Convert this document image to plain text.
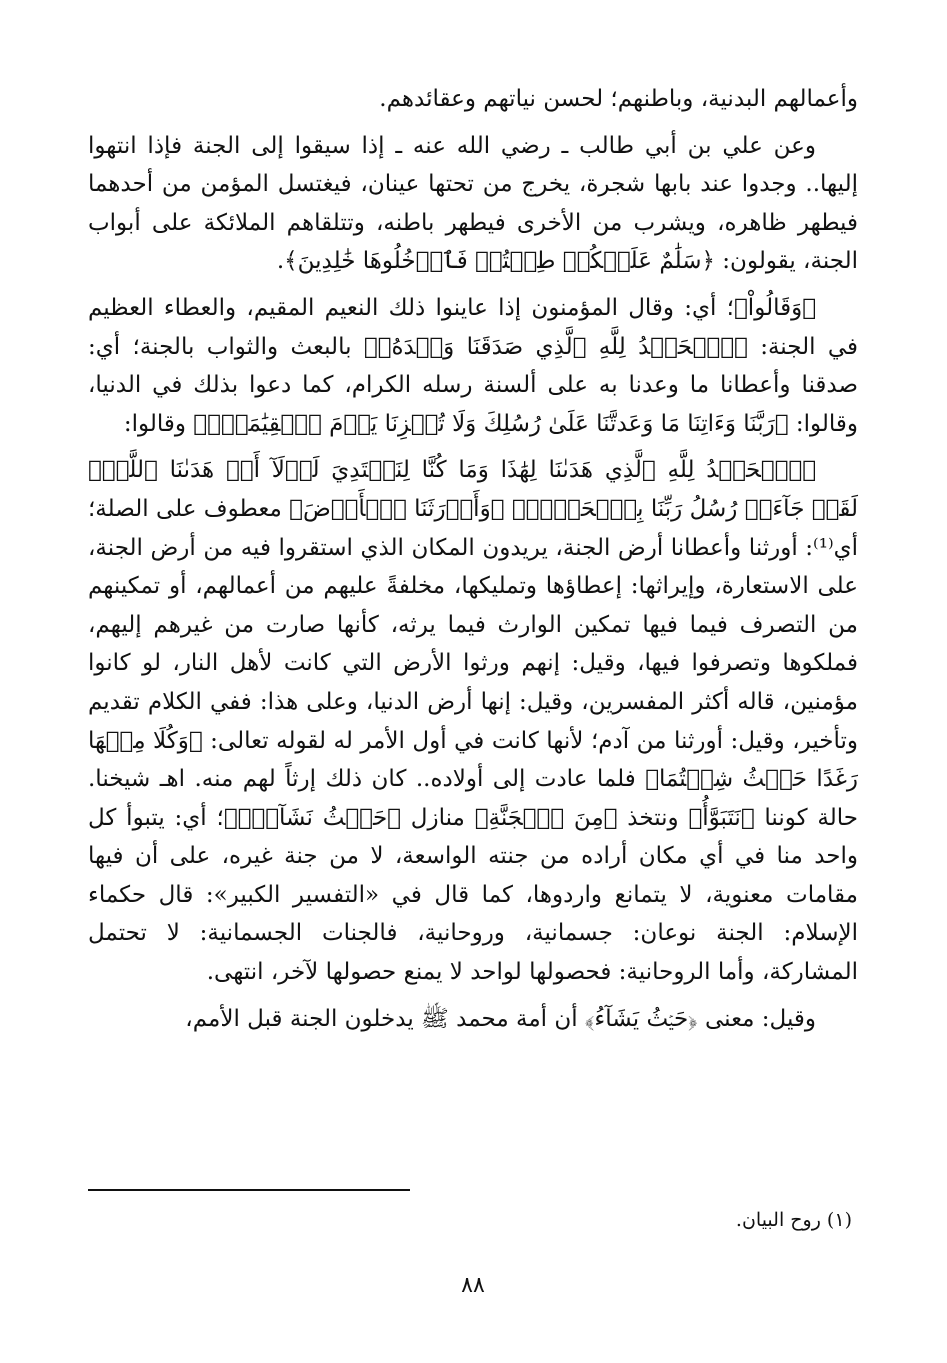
وأعمالهم البدنية، وباطنهم؛ لحسن نياتهم وعقائدهم.

وعن علي بن أبي طالب ـ رضي الله عنه ـ إذا سيقوا إلى الجنة فإذا انتهوا إليها.. وجدوا عند بابها شجرة، يخرج من تحتها عينان، فيغتسل المؤمن من أحدهما فيطهر ظاهره، ويشرب من الأخرى فيطهر باطنه، وتتلقاهم الملائكة على أبواب الجنة، يقولون: ﴿سَلَٰمٌ عَلَيۡكُمۡ طِبۡتُمۡ فَٱدۡخُلُوهَا خَٰلِدِينَ﴾.

﴿وَقَالُواْ﴾؛ أي: وقال المؤمنون إذا عاينوا ذلك النعيم المقيم، والعطاء العظيم في الجنة: ﴿ٱلۡحَمۡدُ لِلَّهِ ٱلَّذِي صَدَقَنَا وَعۡدَهُۥ﴾ بالبعث والثواب بالجنة؛ أي: صدقنا وأعطانا ما وعدنا به على ألسنة رسله الكرام، كما دعوا بذلك في الدنيا، وقالوا: ﴿رَبَّنَا وَءَاتِنَا مَا وَعَدتَّنَا عَلَىٰ رُسُلِكَ وَلَا تُخۡزِنَا يَوۡمَ ٱلۡقِيَٰمَةِۖ﴾ وقالوا:

﴿ٱلۡحَمۡدُ لِلَّهِ ٱلَّذِي هَدَىٰنَا لِهَٰذَا وَمَا كُنَّا لِنَهۡتَدِيَ لَوۡلَآ أَنۡ هَدَىٰنَا ٱللَّهُۖ لَقَدۡ جَآءَتۡ رُسُلُ رَبِّنَا بِٱلۡحَقِّۖ﴾ ﴿وَأَوۡرَثَنَا ٱلۡأَرۡضَ﴾ معطوف على الصلة؛ أي⁽¹⁾: أورثنا وأعطانا أرض الجنة، يريدون المكان الذي استقروا فيه من أرض الجنة، على الاستعارة، وإيراثها: إعطاؤها وتمليكها، مخلفةً عليهم من أعمالهم، أو تمكينهم من التصرف فيما فيها تمكين الوارث فيما يرثه، كأنها صارت من غيرهم إليهم، فملكوها وتصرفوا فيها، وقيل: إنهم ورثوا الأرض التي كانت لأهل النار، لو كانوا مؤمنين، قاله أكثر المفسرين، وقيل: إنها أرض الدنيا، وعلى هذا: ففي الكلام تقديم وتأخير، وقيل: أورثنا من آدم؛ لأنها كانت في أول الأمر له لقوله تعالى: ﴿وَكُلَا مِنۡهَا رَغَدًا حَيۡثُ شِئۡتُمَا﴾ فلما عادت إلى أولاده.. كان ذلك إرثاً لهم منه. اهـ شيخنا. حالة كوننا ﴿نَتَبَوَّأُ﴾ ونتخذ ﴿مِنَ ٱلۡجَنَّةِ﴾ منازل ﴿حَيۡثُ نَشَآءُۖ﴾؛ أي: يتبوأ كل واحد منا في أي مكان أراده من جنته الواسعة، لا من جنة غيره، على أن فيها مقامات معنوية، لا يتمانع واردوها، كما قال في «التفسير الكبير»: قال حكماء الإسلام: الجنة نوعان: جسمانية، وروحانية، فالجنات الجسمانية: لا تحتمل المشاركة، وأما الروحانية: فحصولها لواحد لا يمنع حصولها لآخر، انتهى.

وقيل: معنى ﴿حَيۡثُ يَشَآءُ﴾ أن أمة محمد ﷺ يدخلون الجنة قبل الأمم،

(١) روح البيان.
٨٨
